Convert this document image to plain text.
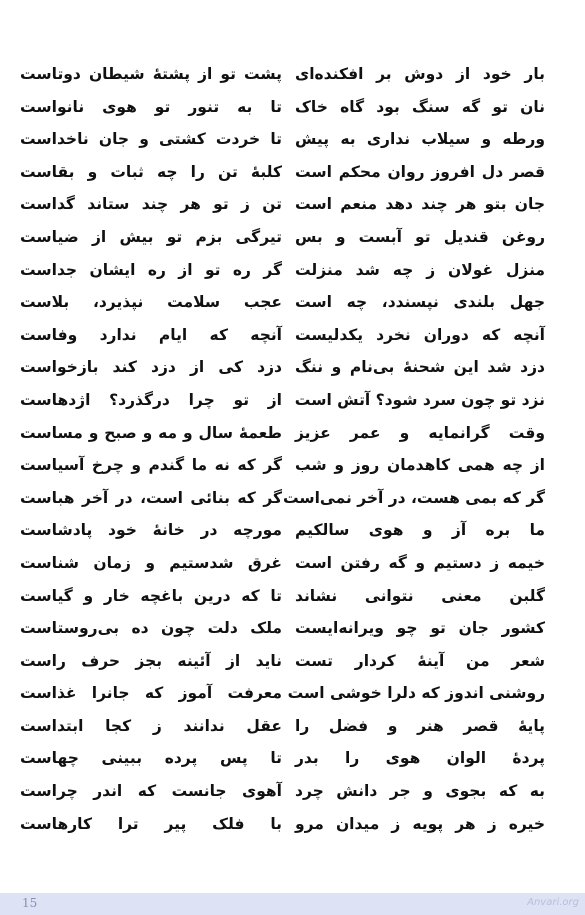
بار خود از دوش بر افکنده‌ای
نان تو گه سنگ بود گاه خاک
ورطه و سیلاب نداری به پیش
قصر دل افروز روان محکم است
جان بتو هر چند دهد منعم است
روغن قندیل تو آبست و بس
منزل غولان ز چه شد منزلت
جهل بلندی نپسندد، چه است
آنچه که دوران نخرد یکدلیست
دزد شد این شحنهٔ بی‌نام و ننگ
نزد تو چون سرد شود؟ آتش است
وقت گرانمایه و عمر عزیز
از چه همی کاهدمان روز و شب
گر که بمی هست، در آخر نمی‌است
ما بره آز و هوی سالکیم
خیمه ز دستیم و گه رفتن است
گلبن معنی نتوانی نشاند
کشور جان تو چو ویرانه‌ایست
شعر من آینهٔ کردار تست
روشنی اندوز که دلرا خوشی است
پایهٔ قصر هنر و فضل را
پردهٔ الوان هوی را بدر
به که بجوی و جر دانش چرد
خیره ز هر پویه ز میدان مرو
پشت تو از پشتهٔ شیطان دوتاست
تا به تنور تو هوی نانواست
تا خردت کشتی و جان ناخداست
کلبهٔ تن را چه ثبات و بقاست
تن ز تو هر چند ستاند گداست
تیرگی بزم تو بیش از ضیاست
گر ره تو از ره ایشان جداست
عجب سلامت نپذیرد، بلاست
آنچه که ایام ندارد وفاست
دزد کی از دزد کند بازخواست
از تو چرا درگذرد؟ اژدهاست
طعمهٔ سال و مه و صبح و مساست
گر که نه ما گندم و چرخ آسیاست
گر که بنائی است، در آخر هباست
مورچه در خانهٔ خود پادشاست
غرق شدستیم و زمان شناست
تا که درین باغچه خار و گیاست
ملک دلت چون ده بی‌روستاست
ناید از آئینه بجز حرف راست
معرفت آموز که جانرا غذاست
عقل ندانند ز کجا ابتداست
تا پس پرده ببینی چهاست
آهوی جانست که اندر چراست
با فلک پیر ترا کارهاست
15	Anvari.org
